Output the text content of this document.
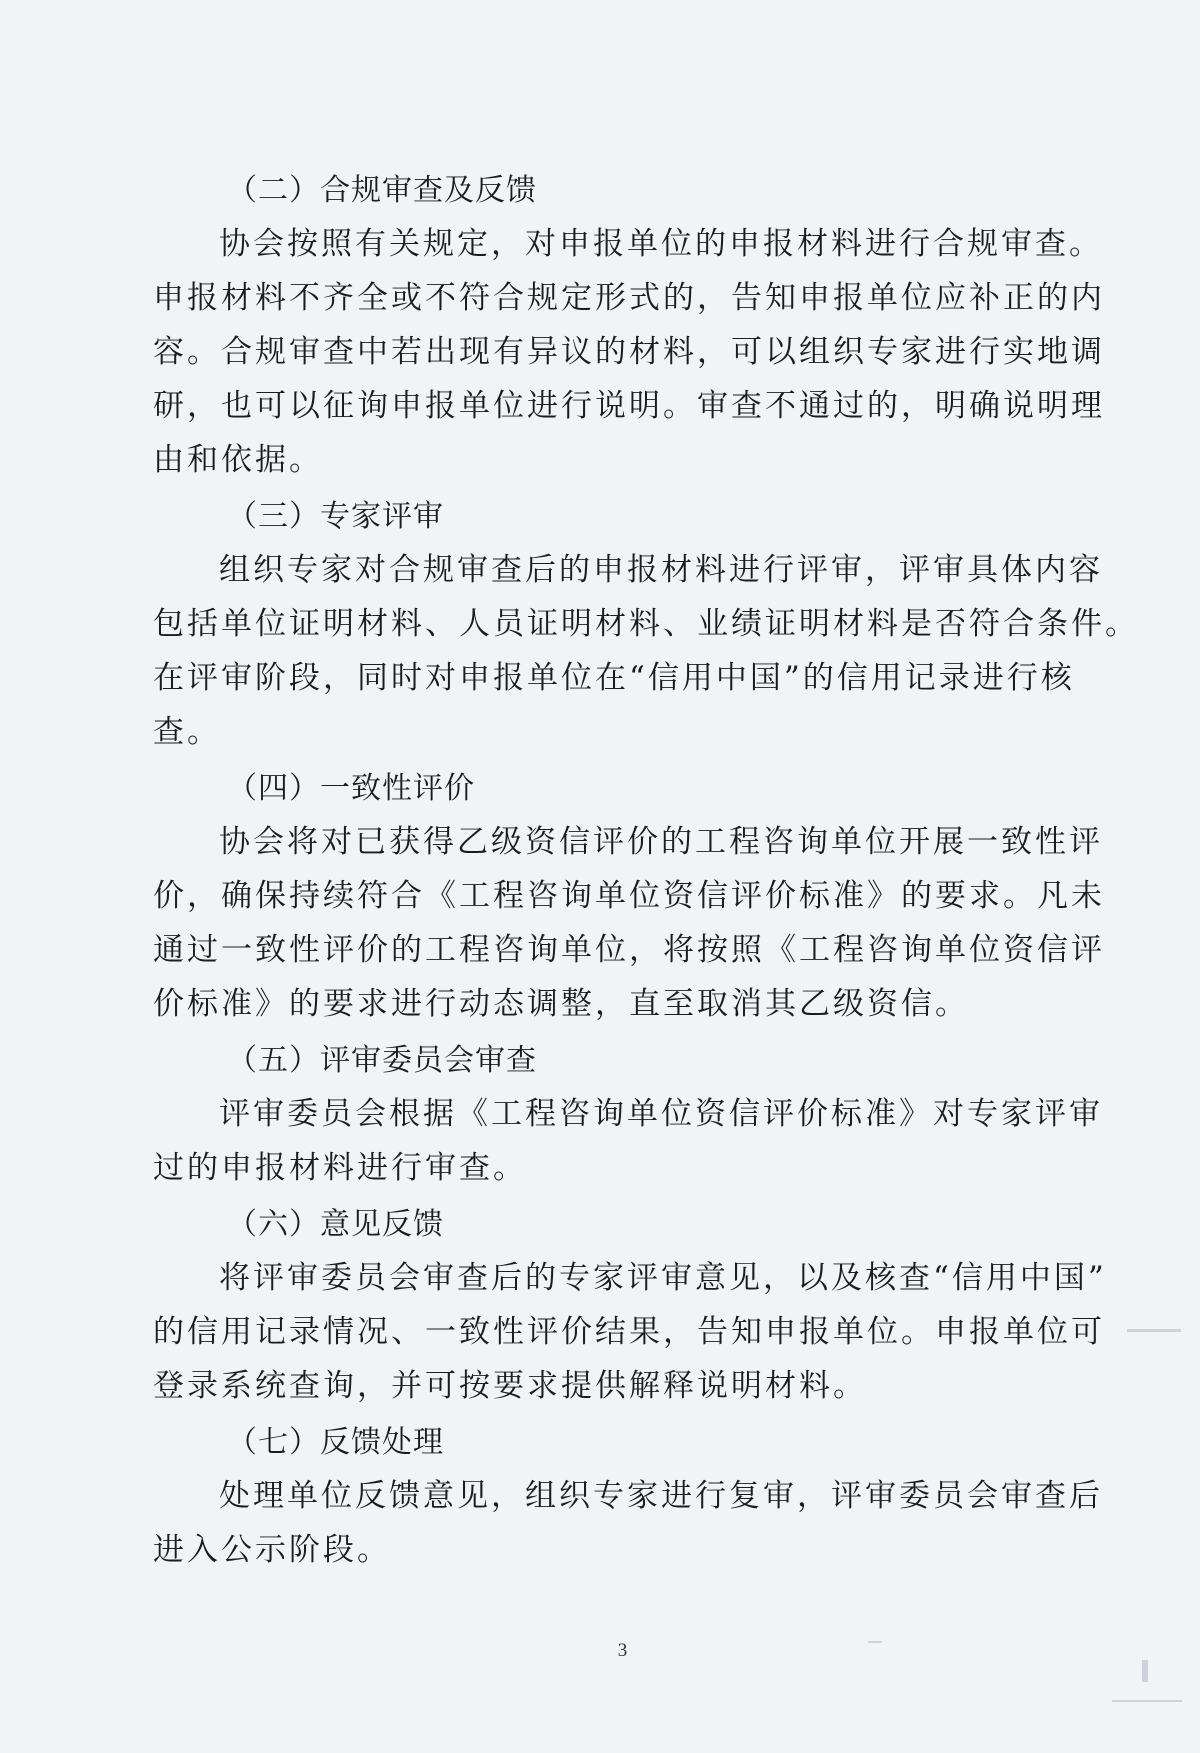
（二）合规审查及反馈
协会按照有关规定，对申报单位的申报材料进行合规审查。
申报材料不齐全或不符合规定形式的，告知申报单位应补正的内
容。合规审查中若出现有异议的材料，可以组织专家进行实地调
研，也可以征询申报单位进行说明。审查不通过的，明确说明理
由和依据。
（三）专家评审
组织专家对合规审查后的申报材料进行评审，评审具体内容
包括单位证明材料、人员证明材料、业绩证明材料是否符合条件。
在评审阶段，同时对申报单位在“信用中国”的信用记录进行核
查。
（四）一致性评价
协会将对已获得乙级资信评价的工程咨询单位开展一致性评
价，确保持续符合《工程咨询单位资信评价标准》的要求。凡未
通过一致性评价的工程咨询单位，将按照《工程咨询单位资信评
价标准》的要求进行动态调整，直至取消其乙级资信。
（五）评审委员会审查
评审委员会根据《工程咨询单位资信评价标准》对专家评审
过的申报材料进行审查。
（六）意见反馈
将评审委员会审查后的专家评审意见，以及核查“信用中国”
的信用记录情况、一致性评价结果，告知申报单位。申报单位可
登录系统查询，并可按要求提供解释说明材料。
（七）反馈处理
处理单位反馈意见，组织专家进行复审，评审委员会审查后
进入公示阶段。
3
